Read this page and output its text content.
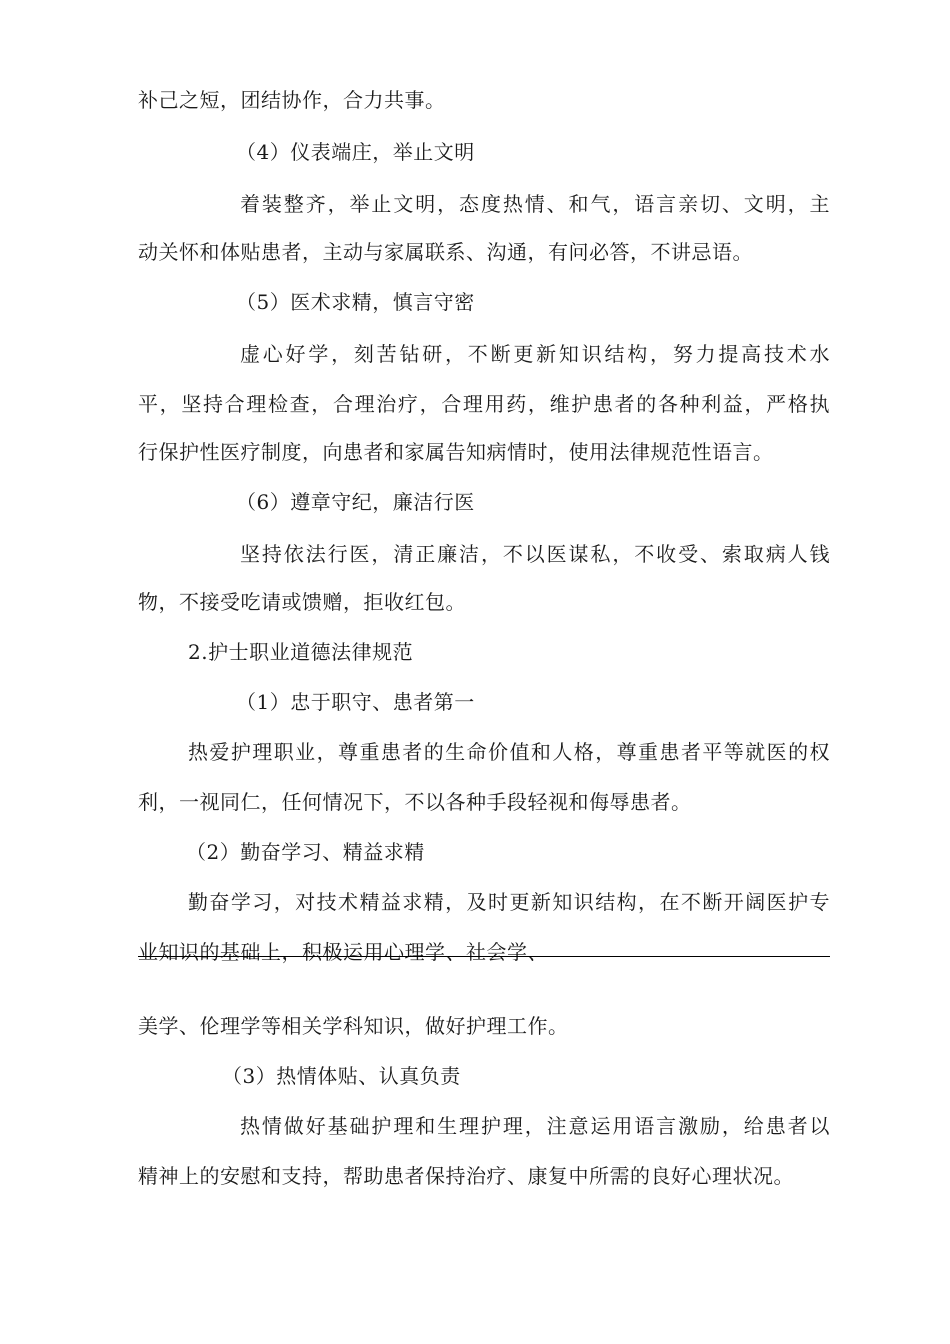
补己之短，团结协作，合力共事。
（4）仪表端庄，举止文明
着装整齐，举止文明，态度热情、和气，语言亲切、文明，主
动关怀和体贴患者，主动与家属联系、沟通，有问必答，不讲忌语。
（5）医术求精，慎言守密
虚心好学，刻苦钻研，不断更新知识结构，努力提高技术水
平，坚持合理检查，合理治疗，合理用药，维护患者的各种利益，严格执
行保护性医疗制度，向患者和家属告知病情时，使用法律规范性语言。
（6）遵章守纪，廉洁行医
坚持依法行医，清正廉洁，不以医谋私，不收受、索取病人钱
物，不接受吃请或馈赠，拒收红包。
2.护士职业道德法律规范
（1）忠于职守、患者第一
热爱护理职业，尊重患者的生命价值和人格，尊重患者平等就医的权
利，一视同仁，任何情况下，不以各种手段轻视和侮辱患者。
（2）勤奋学习、精益求精
勤奋学习，对技术精益求精，及时更新知识结构，在不断开阔医护专
业知识的基础上，积极运用心理学、社会学、
美学、伦理学等相关学科知识，做好护理工作。
（3）热情体贴、认真负责
热情做好基础护理和生理护理，注意运用语言激励，给患者以
精神上的安慰和支持，帮助患者保持治疗、康复中所需的良好心理状况。
